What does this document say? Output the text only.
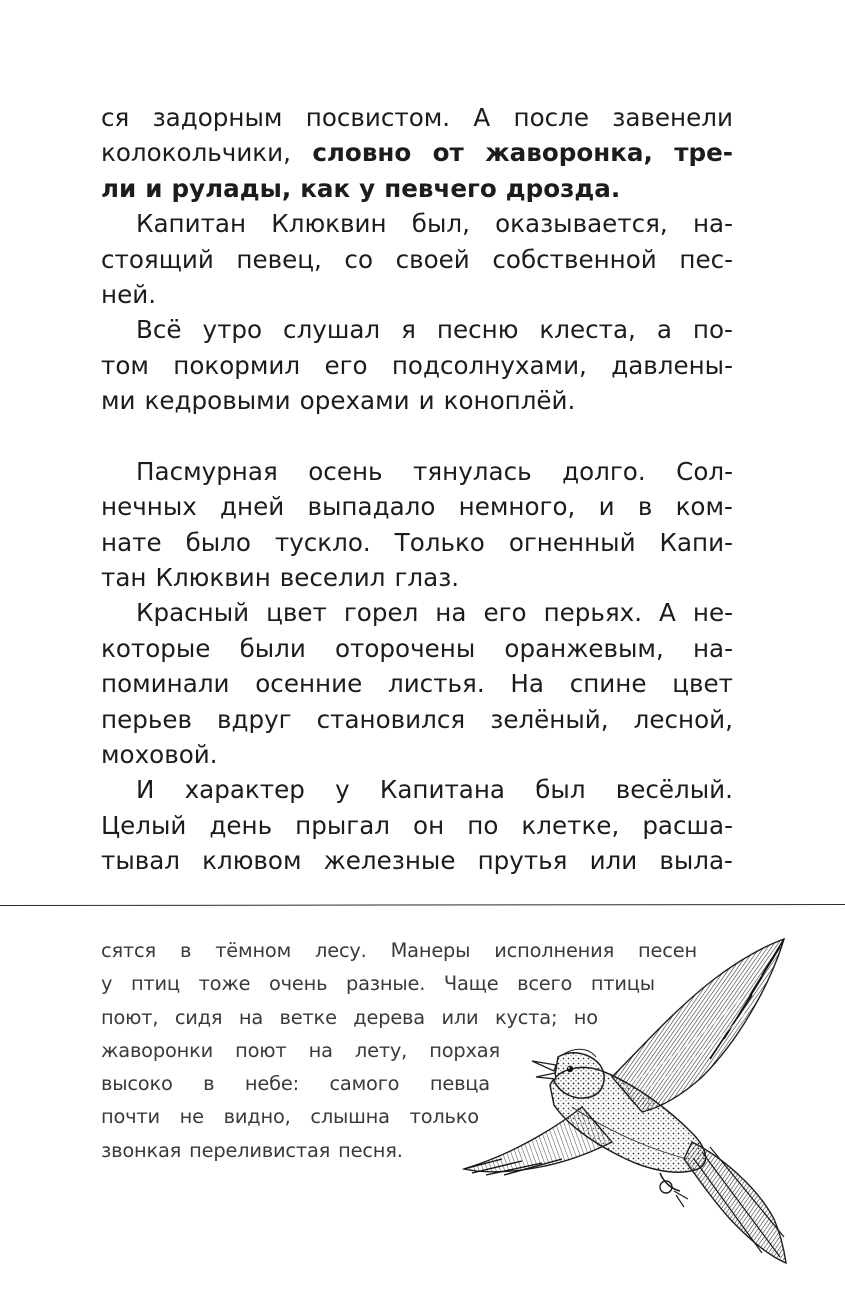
ся задорным посвистом. А после завенели
колокольчики, словно от жаворонка, тре-
ли и рулады, как у певчего дрозда.
Капитан Клюквин был, оказывается, на-
стоящий певец, со своей собственной пес-
ней.
Всё утро слушал я песню клеста, а по-
том покормил его подсолнухами, давлены-
ми кедровыми орехами и коноплёй.
Пасмурная осень тянулась долго. Сол-
нечных дней выпадало немного, и в ком-
нате было тускло. Только огненный Капи-
тан Клюквин веселил глаз.
Красный цвет горел на его перьях. А не-
которые были оторочены оранжевым, на-
поминали осенние листья. На спине цвет
перьев вдруг становился зелёный, лесной,
моховой.
И характер у Капитана был весёлый.
Целый день прыгал он по клетке, расша-
тывал клювом железные прутья или выла-
сятся в тёмном лесу. Манеры исполнения песен
у птиц тоже очень разные. Чаще всего птицы
поют, сидя на ветке дерева или куста; но
жаворонки поют на лету, порхая
высоко в небе: самого певца
почти не видно, слышна только
звонкая переливистая песня.
